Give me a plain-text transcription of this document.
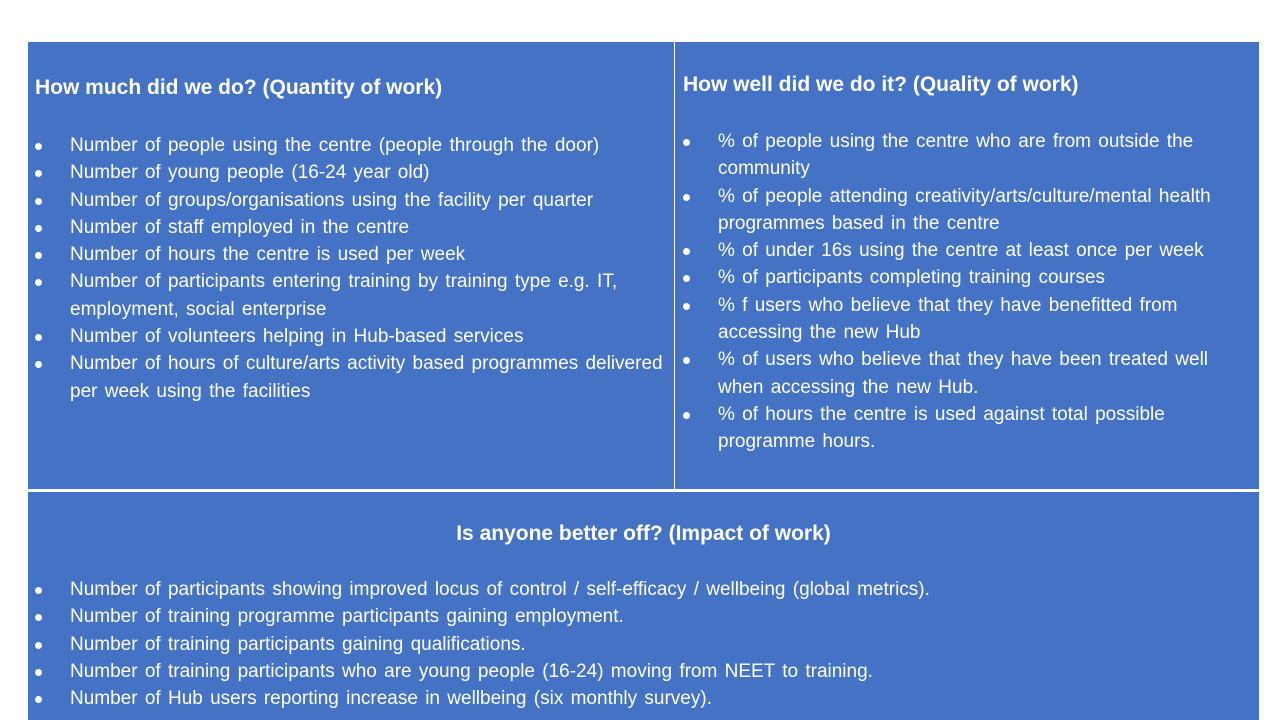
How much did we do? (Quantity of work)
Number of people using the centre (people through the door)
Number of young people (16-24 year old)
Number of groups/organisations using the facility per quarter
Number of staff employed in the centre
Number of hours the centre is used per week
Number of participants entering training by training type e.g. IT, employment, social enterprise
Number of volunteers helping in Hub-based services
Number of hours of culture/arts activity based programmes delivered per week using the facilities
How well did we do it? (Quality of work)
% of people using the centre who are from outside the community
% of people attending creativity/arts/culture/mental health programmes based in the centre
% of under 16s using the centre at least once per week
% of participants completing training courses
% f users who believe that they have benefitted from accessing the new Hub
% of users who believe that they have been treated well when accessing the new Hub.
% of hours the centre is used against total possible programme hours.
Is anyone better off? (Impact of work)
Number of participants showing improved locus of control / self-efficacy / wellbeing (global metrics).
Number of training programme participants gaining employment.
Number of training participants gaining qualifications.
Number of training participants who are young people (16-24) moving from NEET to training.
Number of Hub users reporting increase in wellbeing (six monthly survey).
